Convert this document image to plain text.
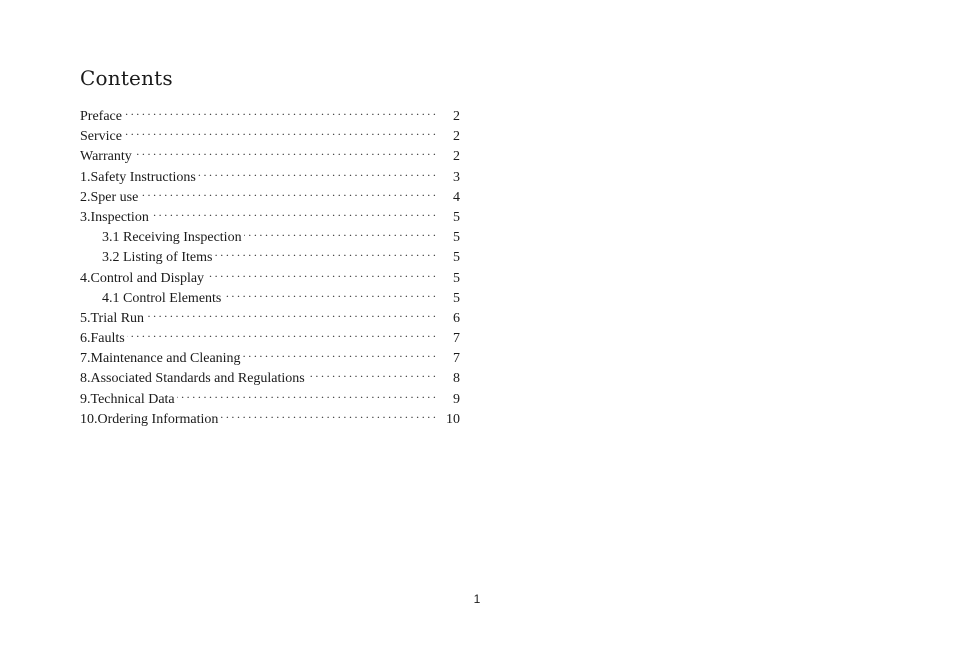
Contents
Preface ·····	2
Service ·····	2
Warranty ·····	2
1.Safety Instructions ·····	3
2.Sper use ·····	4
3.Inspection ·····	5
3.1 Receiving Inspection ·····	5
3.2 Listing of Items ·····	5
4.Control and Display ·····	5
4.1 Control Elements ·····	5
5.Trial Run ·····	6
6.Faults ·····	7
7.Maintenance and Cleaning ·····	7
8.Associated Standards and Regulations ·····	8
9.Technical Data ·····	9
10.Ordering Information ·····	10
1
